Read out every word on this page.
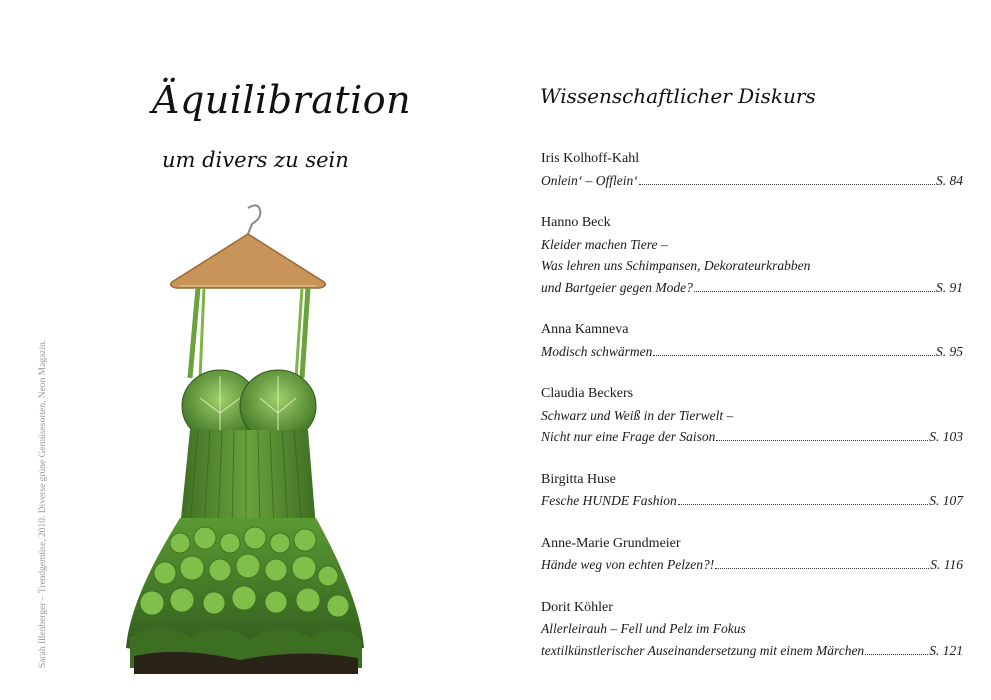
Äquilibration
um divers zu sein
Sarah Illenberger – Trendgemüse, 2010. Diverse grüne Gemüsesorten, Neon Magazin.
Wissenschaftlicher Diskurs
Iris Kolhoff-Kahl
Onlein‘ – Offlein‘	S. 84
Hanno Beck
Kleider machen Tiere –
Was lehren uns Schimpansen, Dekorateurkrabben
und Bartgeier gegen Mode?	S. 91
Anna Kamneva
Modisch schwärmen	S. 95
Claudia Beckers
Schwarz und Weiß in der Tierwelt –
Nicht nur eine Frage der Saison	S. 103
Birgitta Huse
Fesche HUNDE Fashion	S. 107
Anne-Marie Grundmeier
Hände weg von echten Pelzen?!	S. 116
Dorit Köhler
Allerleirauh – Fell und Pelz im Fokus
textilkünstlerischer Auseinandersetzung mit einem Märchen	S. 121
